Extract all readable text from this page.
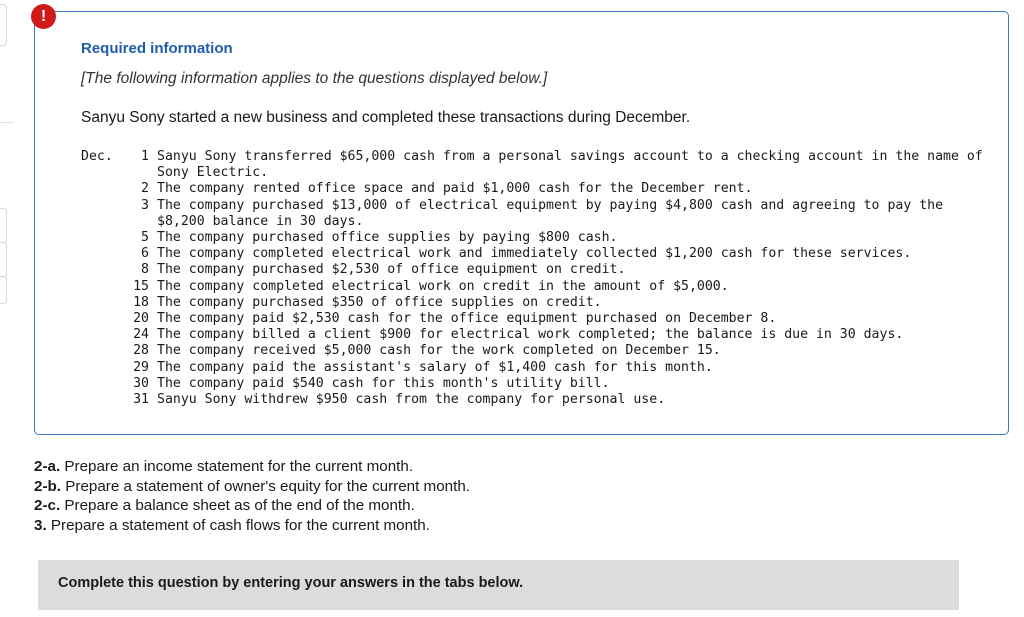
!
Required information

[The following information applies to the questions displayed below.]

Sanyu Sony started a new business and completed these transactions during December.

Dec.	1 Sanyu Sony transferred $65,000 cash from a personal savings account to a checking account in the name of Sony Electric.
2 The company rented office space and paid $1,000 cash for the December rent.
3 The company purchased $13,000 of electrical equipment by paying $4,800 cash and agreeing to pay the $8,200 balance in 30 days.
5 The company purchased office supplies by paying $800 cash.
6 The company completed electrical work and immediately collected $1,200 cash for these services.
8 The company purchased $2,530 of office equipment on credit.
15 The company completed electrical work on credit in the amount of $5,000.
18 The company purchased $350 of office supplies on credit.
20 The company paid $2,530 cash for the office equipment purchased on December 8.
24 The company billed a client $900 for electrical work completed; the balance is due in 30 days.
28 The company received $5,000 cash for the work completed on December 15.
29 The company paid the assistant's salary of $1,400 cash for this month.
30 The company paid $540 cash for this month's utility bill.
31 Sanyu Sony withdrew $950 cash from the company for personal use.
2-a. Prepare an income statement for the current month.
2-b. Prepare a statement of owner's equity for the current month.
2-c. Prepare a balance sheet as of the end of the month.
3. Prepare a statement of cash flows for the current month.
Complete this question by entering your answers in the tabs below.
